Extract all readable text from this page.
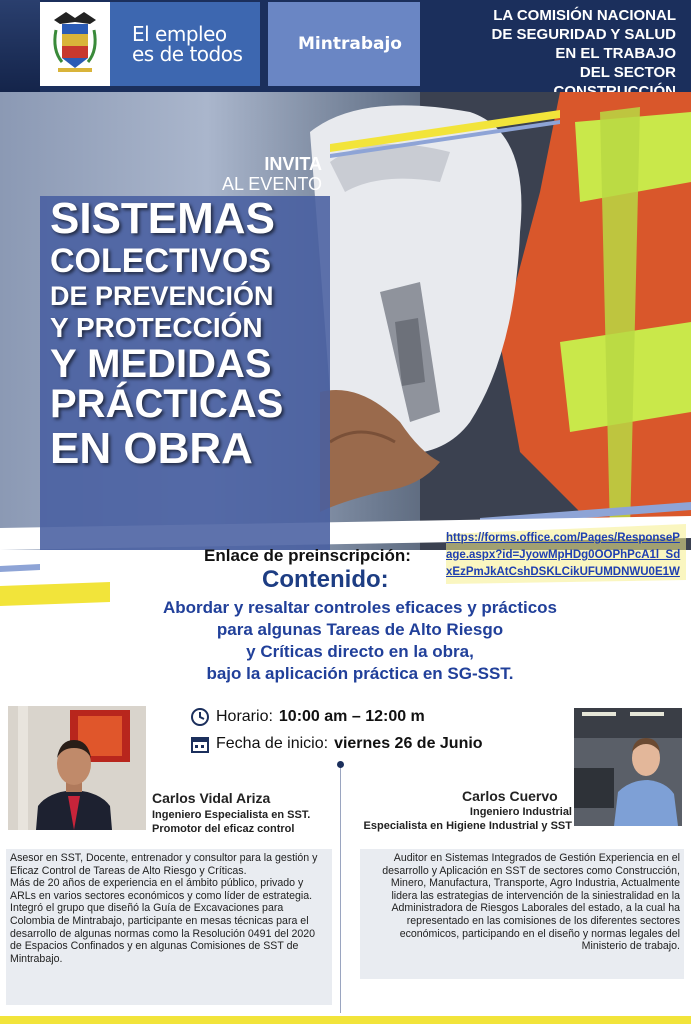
El empleo
es de todos	Mintrabajo
LA COMISIÓN NACIONAL
DE SEGURIDAD Y SALUD
EN EL TRABAJO
DEL SECTOR
INVITA
AL EVENTO
SISTEMAS
COLECTIVOS
DE PREVENCIÓN
Y PROTECCIÓN
Y MEDIDAS
PRÁCTICAS
EN OBRA
Enlace de preinscripción:
https://forms.office.com/Pages/ResponsePage.aspx?id=JyowMpHDg0OOPhPcA1l_SdxEzPmJkAtCshDSKLCikUFUMDNWU0E1W
Contenido:
Abordar y resaltar controles eficaces y prácticos
para algunas Tareas de Alto Riesgo
y Críticas directo en la obra,
bajo la aplicación práctica en SG-SST.
Horario: 10:00 am – 12:00 m
Fecha de inicio: viernes 26 de Junio
Carlos Vidal Ariza
Ingeniero Especialista en SST.
Promotor del eficaz control
Carlos Cuervo
Ingeniero Industrial
Especialista en Higiene Industrial y SST
Asesor en SST, Docente, entrenador y consultor para la gestión y Eficaz Control de Tareas de Alto Riesgo y Críticas.
Más de 20 años de experiencia en el ámbito público, privado y ARLs en varios sectores económicos y como líder de estrategia. Integró el grupo que diseñó la Guía de Excavaciones para Colombia de Mintrabajo, participante en mesas técnicas para el desarrollo de algunas normas como la Resolución 0491 del 2020 de Espacios Confinados y en algunas Comisiones de SST de Mintrabajo.
Auditor en Sistemas Integrados de Gestión Experiencia en el desarrollo y Aplicación en SST de sectores como Construcción, Minero, Manufactura, Transporte, Agro Industria, Actualmente lidera las estrategias de intervención de la siniestralidad en la Administradora de Riesgos Laborales del estado, a la cual ha representado en las comisiones de los diferentes sectores económicos, participando en el diseño y normas legales del Ministerio de trabajo.
